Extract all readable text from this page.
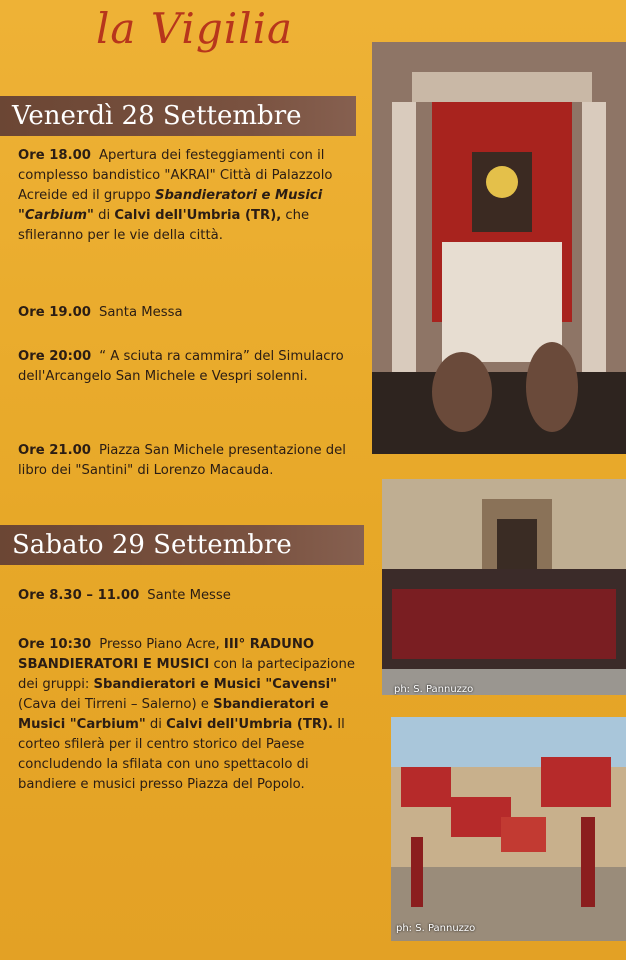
la Vigilia
Venerdì 28 Settembre
Ore 18.00 Apertura dei festeggiamenti con il complesso bandistico "AKRAI" Città di Palazzolo Acreide ed il gruppo Sbandieratori e Musici "Carbium" di Calvi dell'Umbria (TR), che sfileranno per le vie della città.
Ore 19.00 Santa Messa
Ore 20:00 “ A sciuta ra cammira” del Simulacro dell'Arcangelo San Michele e Vespri solenni.
Ore 21.00 Piazza San Michele presentazione del libro dei "Santini" di Lorenzo Macauda.
Sabato 29 Settembre
Ore 8.30 – 11.00 Sante Messe
Ore 10:30 Presso Piano Acre, III° RADUNO SBANDIERATORI E MUSICI con la partecipazione dei gruppi: Sbandieratori e Musici "Cavensi" (Cava dei Tirreni – Salerno) e Sbandieratori e Musici "Carbium" di Calvi dell'Umbria (TR). Il corteo sfilerà per il centro storico del Paese concludendo la sfilata con uno spettacolo di bandiere e musici presso Piazza del Popolo.
ph: S. Pannuzzo
ph: S. Pannuzzo
